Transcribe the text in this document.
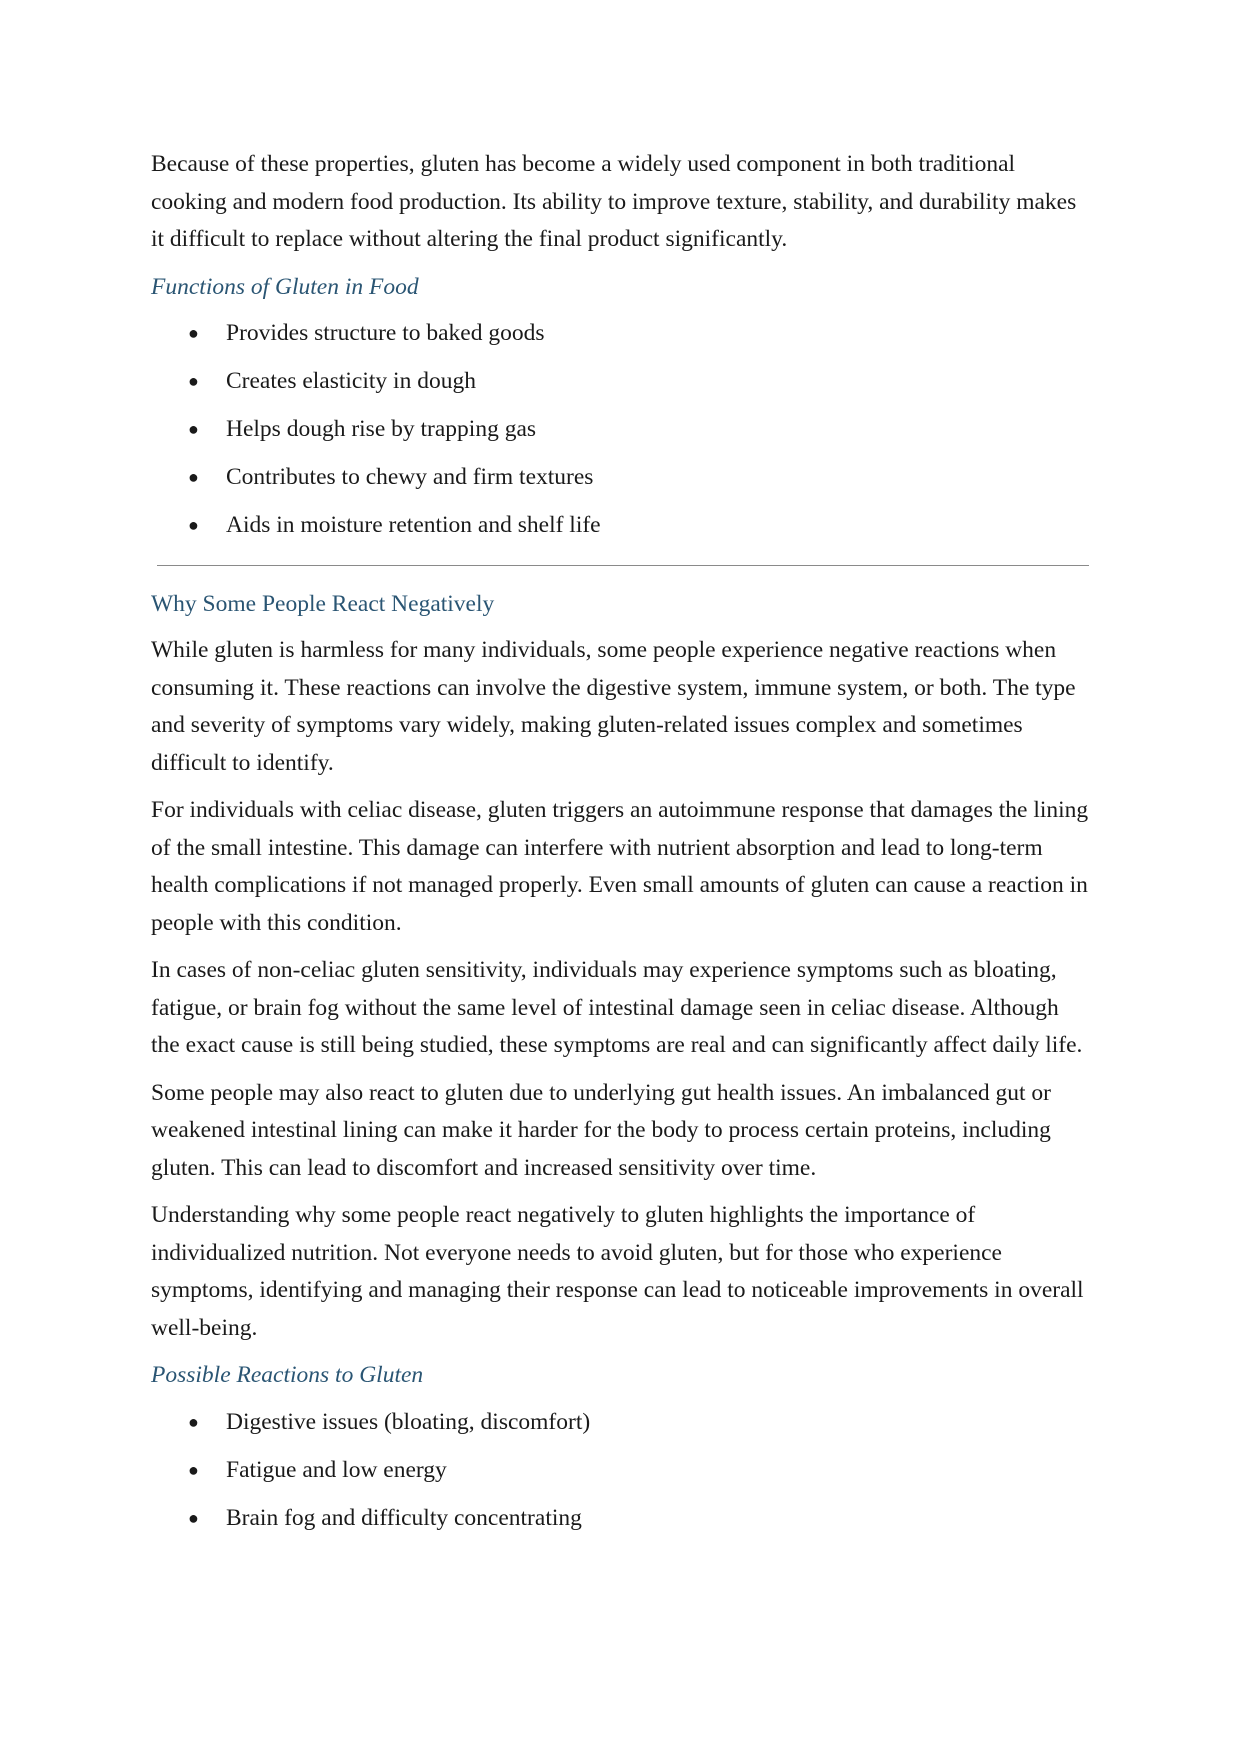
Because of these properties, gluten has become a widely used component in both traditional cooking and modern food production. Its ability to improve texture, stability, and durability makes it difficult to replace without altering the final product significantly.

Functions of Gluten in Food
● Provides structure to baked goods
● Creates elasticity in dough
● Helps dough rise by trapping gas
● Contributes to chewy and firm textures
● Aids in moisture retention and shelf life
Why Some People React Negatively

While gluten is harmless for many individuals, some people experience negative reactions when consuming it. These reactions can involve the digestive system, immune system, or both. The type and severity of symptoms vary widely, making gluten-related issues complex and sometimes difficult to identify.

For individuals with celiac disease, gluten triggers an autoimmune response that damages the lining of the small intestine. This damage can interfere with nutrient absorption and lead to long-term health complications if not managed properly. Even small amounts of gluten can cause a reaction in people with this condition.

In cases of non-celiac gluten sensitivity, individuals may experience symptoms such as bloating, fatigue, or brain fog without the same level of intestinal damage seen in celiac disease. Although the exact cause is still being studied, these symptoms are real and can significantly affect daily life.

Some people may also react to gluten due to underlying gut health issues. An imbalanced gut or weakened intestinal lining can make it harder for the body to process certain proteins, including gluten. This can lead to discomfort and increased sensitivity over time.

Understanding why some people react negatively to gluten highlights the importance of individualized nutrition. Not everyone needs to avoid gluten, but for those who experience symptoms, identifying and managing their response can lead to noticeable improvements in overall well-being.

Possible Reactions to Gluten
● Digestive issues (bloating, discomfort)
● Fatigue and low energy
● Brain fog and difficulty concentrating
